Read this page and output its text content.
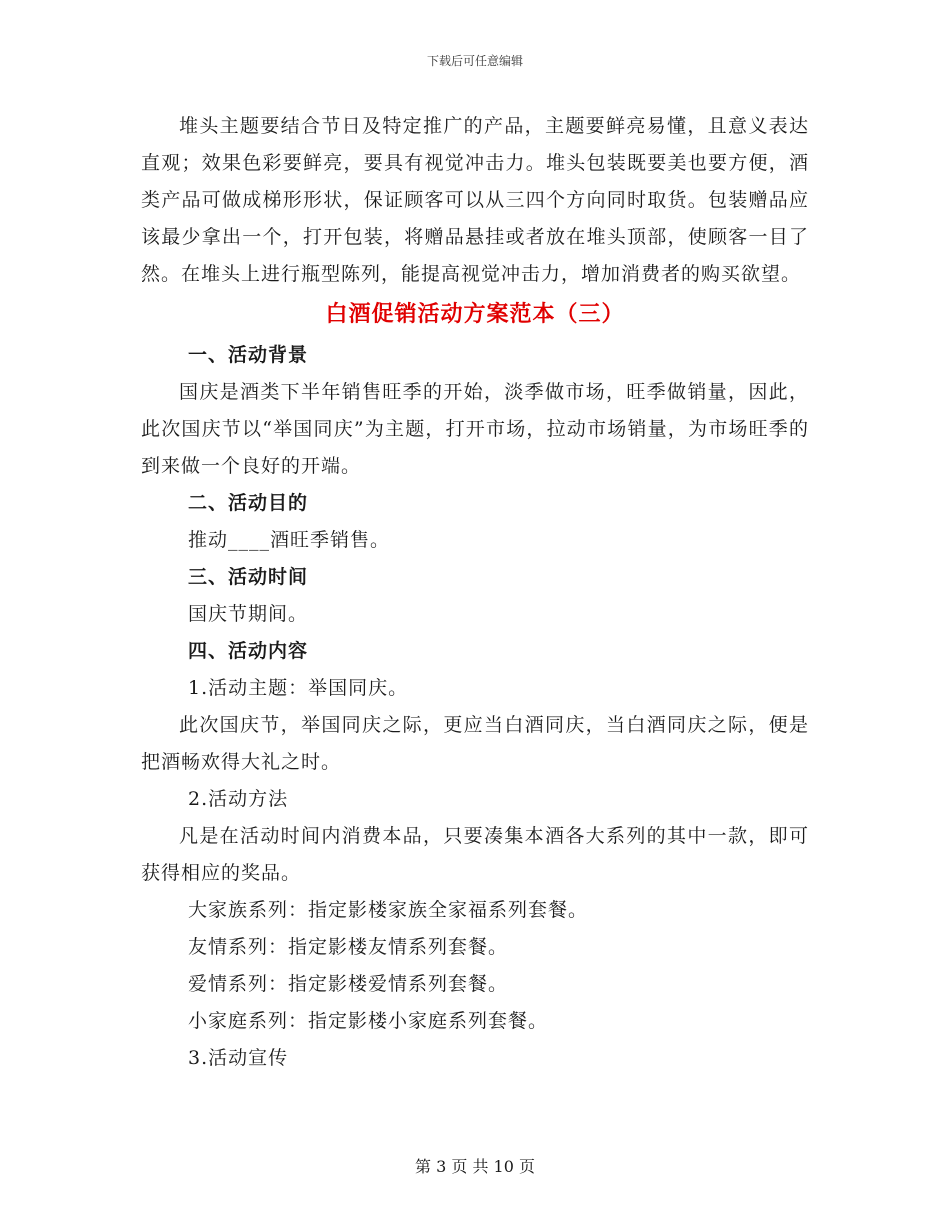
下载后可任意编辑

堆头主题要结合节日及特定推广的产品，主题要鲜亮易懂，且意义表达直观；效果色彩要鲜亮，要具有视觉冲击力。堆头包装既要美也要方便，酒类产品可做成梯形形状，保证顾客可以从三四个方向同时取货。包装赠品应该最少拿出一个，打开包装，将赠品悬挂或者放在堆头顶部，使顾客一目了然。在堆头上进行瓶型陈列，能提高视觉冲击力，增加消费者的购买欲望。

白酒促销活动方案范本（三）

一、活动背景

国庆是酒类下半年销售旺季的开始，淡季做市场，旺季做销量，因此，此次国庆节以“举国同庆”为主题，打开市场，拉动市场销量，为市场旺季的到来做一个良好的开端。

二、活动目的

推动____酒旺季销售。

三、活动时间

国庆节期间。

四、活动内容

1.活动主题：举国同庆。

此次国庆节，举国同庆之际，更应当白酒同庆，当白酒同庆之际，便是把酒畅欢得大礼之时。

2.活动方法

凡是在活动时间内消费本品，只要凑集本酒各大系列的其中一款，即可获得相应的奖品。

大家族系列：指定影楼家族全家福系列套餐。

友情系列：指定影楼友情系列套餐。

爱情系列：指定影楼爱情系列套餐。

小家庭系列：指定影楼小家庭系列套餐。

3.活动宣传

第 3 页 共 10 页
